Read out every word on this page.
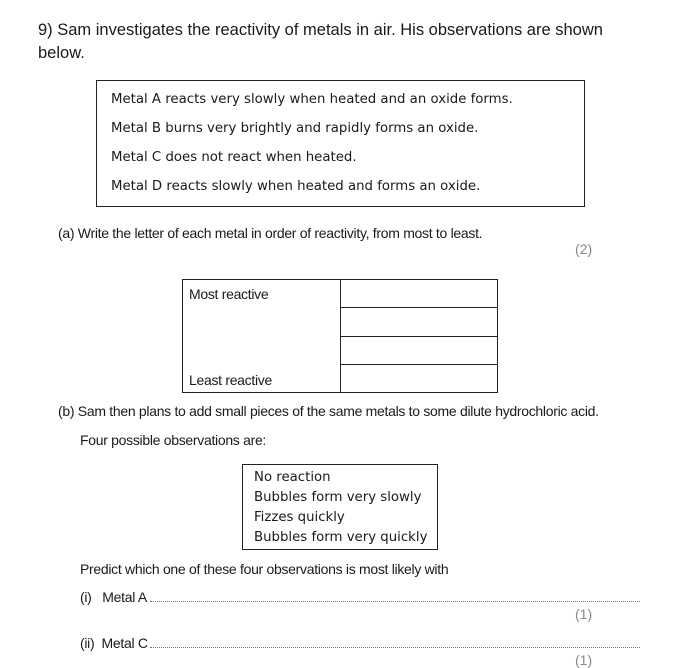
9) Sam investigates the reactivity of metals in air. His observations are shown below.
Metal A reacts very slowly when heated and an oxide forms.
Metal B burns very brightly and rapidly forms an oxide.
Metal C does not react when heated.
Metal D reacts slowly when heated and forms an oxide.
(a) Write the letter of each metal in order of reactivity, from most to least.
(2)
Most reactive
Least reactive

(b) Sam then plans to add small pieces of the same metals to some dilute hydrochloric acid.
Four possible observations are:
No reaction
Bubbles form very slowly
Fizzes quickly
Bubbles form very quickly
Predict which one of these four observations is most likely with
(i)   Metal A
(1)
(ii)  Metal C
(1)
